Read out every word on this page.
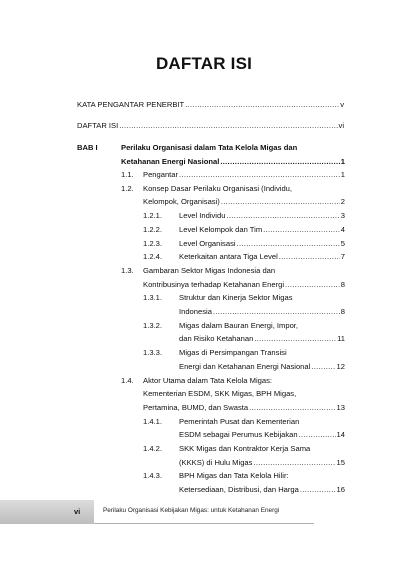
DAFTAR ISI
KATA PENGANTAR PENERBIT .....	v
DAFTAR ISI .....	vi
BAB I	Perilaku Organisasi dalam Tata Kelola Migas dan
Ketahanan Energi Nasional .....	1
1.1. Pengantar .....	1
1.2. Konsep Dasar Perilaku Organisasi (Individu,
Kelompok, Organisasi) .....	2
1.2.1. Level Individu .....	3
1.2.2. Level Kelompok dan Tim .....	4
1.2.3. Level Organisasi .....	5
1.2.4. Keterkaitan antara Tiga Level .....	7
1.3. Gambaran Sektor Migas Indonesia dan
Kontribusinya terhadap Ketahanan Energi .....	8
1.3.1. Struktur dan Kinerja Sektor Migas
Indonesia .....	8
1.3.2. Migas dalam Bauran Energi, Impor,
dan Risiko Ketahanan .....	11
1.3.3. Migas di Persimpangan Transisi
Energi dan Ketahanan Energi Nasional .....	12
1.4. Aktor Utama dalam Tata Kelola Migas:
Kementerian ESDM, SKK Migas, BPH Migas,
Pertamina, BUMD, dan Swasta .....	13
1.4.1. Pemerintah Pusat dan Kementerian
ESDM sebagai Perumus Kebijakan .....	14
1.4.2. SKK Migas dan Kontraktor Kerja Sama
(KKKS) di Hulu Migas .....	15
1.4.3. BPH Migas dan Tata Kelola Hilir:
Ketersediaan, Distribusi, dan Harga .....	16
vi	Perilaku Organisasi Kebijakan Migas: untuk Ketahanan Energi
